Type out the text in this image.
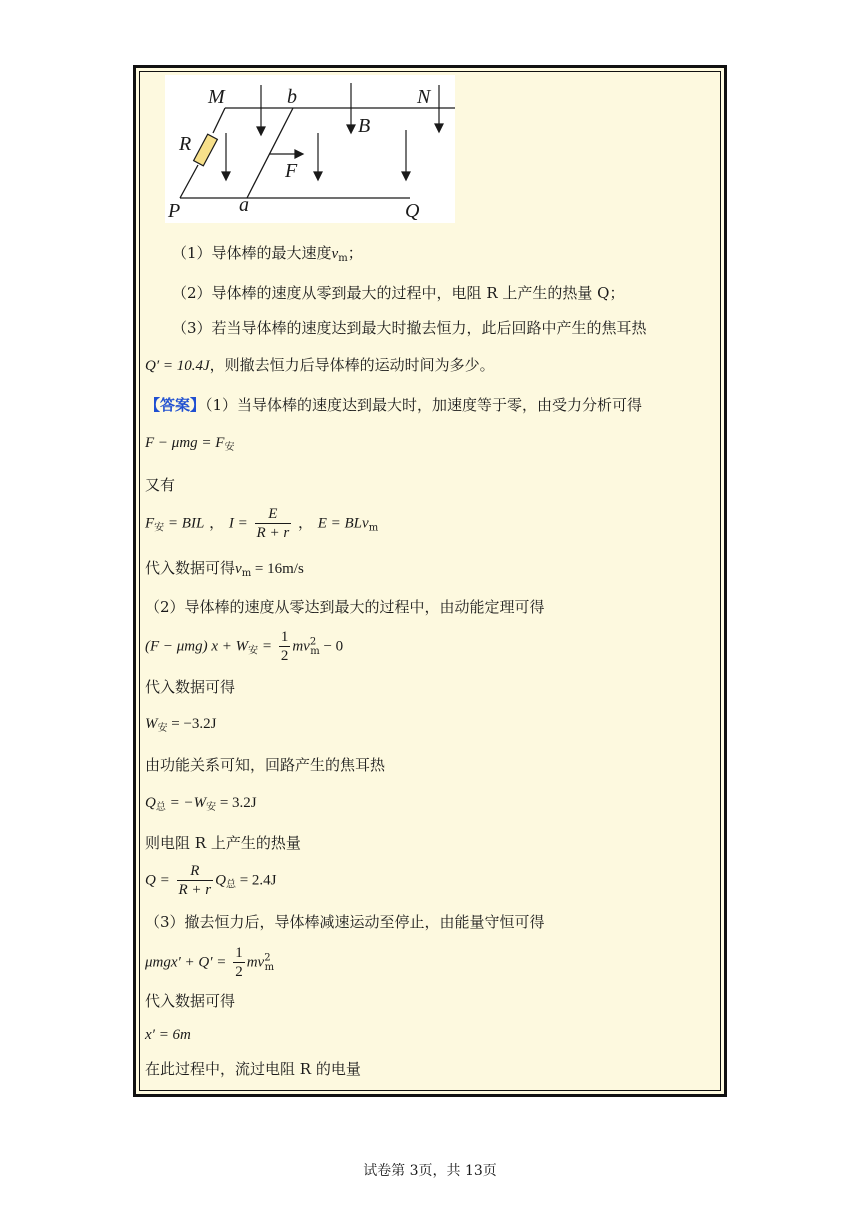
M	b	N
R
B
F
P	a	Q
（1）导体棒的最大速度$v_m$；
（2）导体棒的速度从零到最大的过程中，电阻 R 上产生的热量 Q；
（3）若当导体棒的速度达到最大时撤去恒力，此后回路中产生的焦耳热
Q′ = 10.4J，则撤去恒力后导体棒的运动时间为多少。
【答案】（1）当导体棒的速度达到最大时，加速度等于零，由受力分析可得
$F - \mu mg = F_安$
又有
$F_安$ = BIL ， $I = \frac{E}{R + r}$ ， E = BLv$_m$
代入数据可得$v_m = 16m/s$
（2）导体棒的速度从零达到最大的过程中，由动能定理可得
(F − μmg) $x + W_安 = \frac{1}{2} mv^2_m - 0$
代入数据可得
$W_安 = -3.2J$
由功能关系可知，回路产生的焦耳热
$Q_总 = -W_安 = 3.2J$
则电阻 R 上产生的热量
$Q = \frac{R}{R + r} Q_总 = 2.4J$
（3）撤去恒力后，导体棒减速运动至停止，由能量守恒可得
$\mu mgx' + Q' = \frac{1}{2} mv^2_m$
代入数据可得
x′ = 6m
在此过程中，流过电阻 R 的电量
试卷第 3页，共 13页
